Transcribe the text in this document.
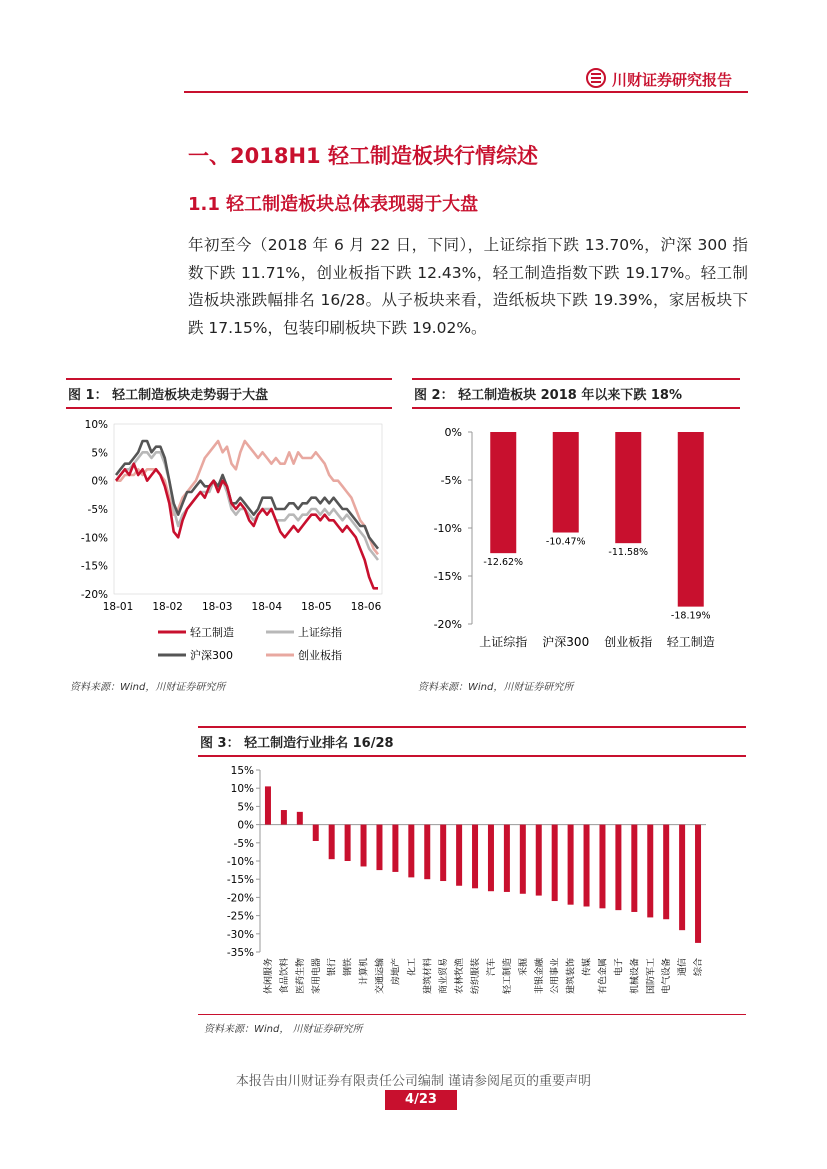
川财证券研究报告
一、2018H1 轻工制造板块行情综述
1.1 轻工制造板块总体表现弱于大盘
年初至今（2018 年 6 月 22 日，下同），上证综指下跌 13.70%，沪深 300 指数下跌 11.71%，创业板指下跌 12.43%，轻工制造指数下跌 19.17%。轻工制造板块涨跌幅排名 16/28。从子板块来看，造纸板块下跌 19.39%，家居板块下跌 17.15%，包装印刷板块下跌 19.02%。
图 1： 轻工制造板块走势弱于大盘
10%
5%
0%
-5%
-10%
-15%
-20%
18-01 18-02 18-03 18-04 18-05 18-06
轻工制造	上证综指
沪深300	创业板指
资料来源：Wind，川财证券研究所
图 2： 轻工制造板块 2018 年以来下跌 18%
0%
-5%
-10%
-15%
-20%
-12.62%
上证综指
-10.47%
沪深300
-11.58%
创业板指
-18.19%
轻工制造
资料来源：Wind，川财证券研究所
图 3： 轻工制造行业排名 16/28
15%
10%
5%
0%
-5%
-10%
-15%
-20%
-25%
-30%
-35%
休闲服务 食品饮料 医药生物 家用电器 银行 钢铁 计算机 交通运输 房地产 化工 建筑材料 商业贸易 农林牧渔 纺织服装 汽车 轻工制造 采掘 非银金融 公用事业 建筑装饰 传媒 有色金属 电子 机械设备 国防军工 电气设备 通信 综合
资料来源：Wind， 川财证券研究所
本报告由川财证券有限责任公司编制 谨请参阅尾页的重要声明
4/23
